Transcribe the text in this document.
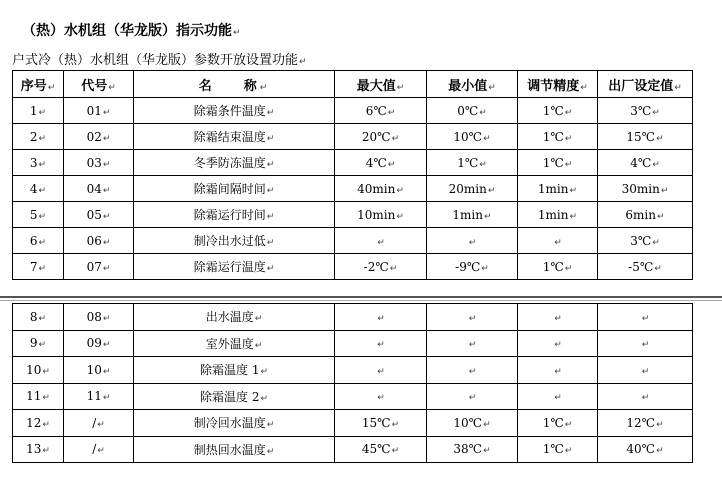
（热）水机组（华龙版）指示功能↵
户式冷（热）水机组（华龙版）参数开放设置功能↵
序号↵	代号↵	名　　称↵	最大值↵	最小值↵	调节精度↵	出厂设定值↵
1↵	01↵	除霜条件温度↵	6℃↵	0℃↵	1℃↵	3℃↵
2↵	02↵	除霜结束温度↵	20℃↵	10℃↵	1℃↵	15℃↵
3↵	03↵	冬季防冻温度↵	4℃↵	1℃↵	1℃↵	4℃↵
4↵	04↵	除霜间隔时间↵	40min↵	20min↵	1min↵	30min↵
5↵	05↵	除霜运行时间↵	10min↵	1min↵	1min↵	6min↵
6↵	06↵	制冷出水过低↵	↵	↵	↵	3℃↵
7↵	07↵	除霜运行温度↵	-2℃↵	-9℃↵	1℃↵	-5℃↵
8↵	08↵	出水温度↵	↵	↵	↵	↵
9↵	09↵	室外温度↵	↵	↵	↵	↵
10↵	10↵	除霜温度 1↵	↵	↵	↵	↵
11↵	11↵	除霜温度 2↵	↵	↵	↵	↵
12↵	/↵	制冷回水温度↵	15℃↵	10℃↵	1℃↵	12℃↵
13↵	/↵	制热回水温度↵	45℃↵	38℃↵	1℃↵	40℃↵
